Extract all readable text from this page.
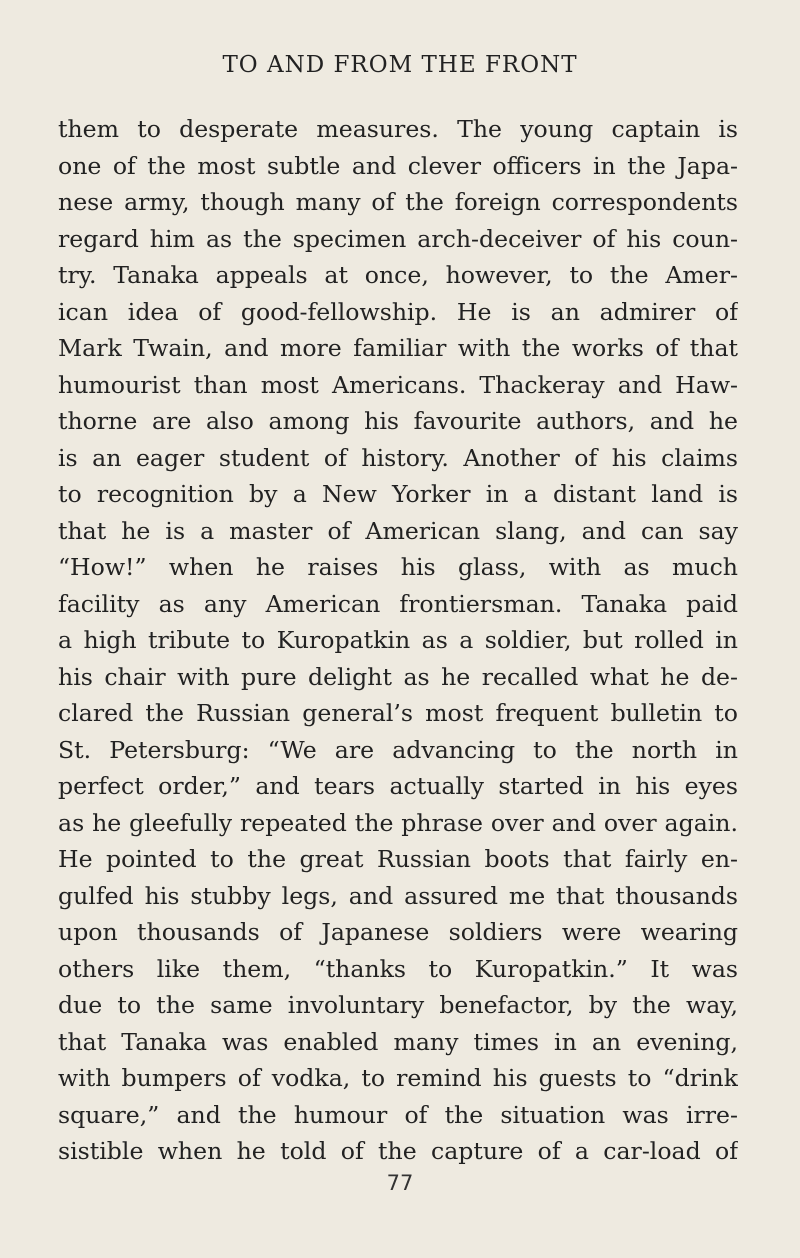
TO AND FROM THE FRONT
them to desperate measures. The young captain is
one of the most subtle and clever officers in the Japa-
nese army, though many of the foreign correspondents
regard him as the specimen arch-deceiver of his coun-
try. Tanaka appeals at once, however, to the Amer-
ican idea of good-fellowship. He is an admirer of
Mark Twain, and more familiar with the works of that
humourist than most Americans. Thackeray and Haw-
thorne are also among his favourite authors, and he
is an eager student of history. Another of his claims
to recognition by a New Yorker in a distant land is
that he is a master of American slang, and can say
“How!” when he raises his glass, with as much
facility as any American frontiersman. Tanaka paid
a high tribute to Kuropatkin as a soldier, but rolled in
his chair with pure delight as he recalled what he de-
clared the Russian general’s most frequent bulletin to
St. Petersburg: “We are advancing to the north in
perfect order,” and tears actually started in his eyes
as he gleefully repeated the phrase over and over again.
He pointed to the great Russian boots that fairly en-
gulfed his stubby legs, and assured me that thousands
upon thousands of Japanese soldiers were wearing
others like them, “thanks to Kuropatkin.” It was
due to the same involuntary benefactor, by the way,
that Tanaka was enabled many times in an evening,
with bumpers of vodka, to remind his guests to “drink
square,” and the humour of the situation was irre-
sistible when he told of the capture of a car-load of
77
